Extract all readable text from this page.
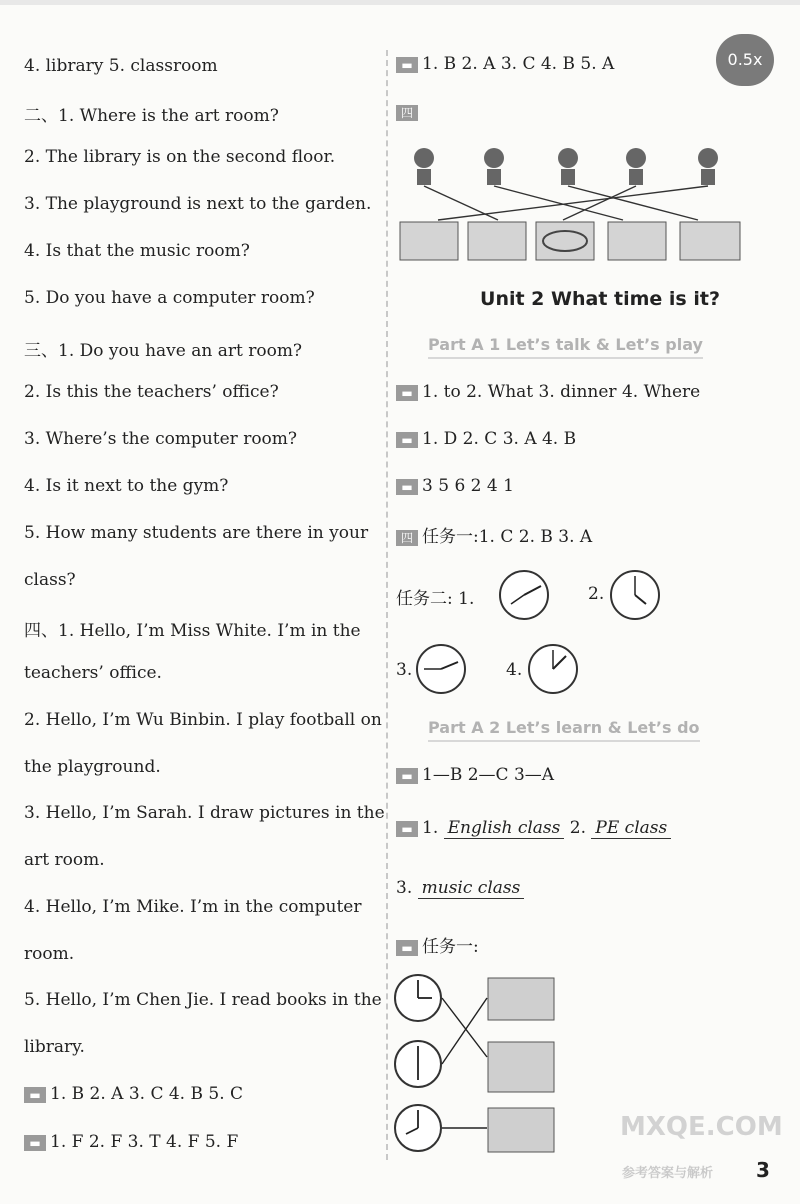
4. library 5. classroom
二、1. Where is the art room?
2. The library is on the second floor.
3. The playground is next to the garden.
4. Is that the music room?
5. Do you have a computer room?
三、1. Do you have an art room?
2. Is this the teachers’ office?
3. Where’s the computer room?
4. Is it next to the gym?
5. How many students are there in your
class?
四、1. Hello, I’m Miss White. I’m in the
teachers’ office.
2. Hello, I’m Wu Binbin. I play football on
the playground.
3. Hello, I’m Sarah. I draw pictures in the
art room.
4. Hello, I’m Mike. I’m in the computer
room.
5. Hello, I’m Chen Jie. I read books in the
library.
▬ 1. B 2. A 3. C 4. B 5. C
▬ 1. F 2. F 3. T 4. F 5. F
▬ 1. B 2. A 3. C 4. B 5. A
四
Unit 2 What time is it?
Part A 1 Let’s talk & Let’s play
▬ 1. to 2. What 3. dinner 4. Where
▬ 1. D 2. C 3. A 4. B
▬ 3 5 6 2 4 1
四 任务一:1. C 2. B 3. A
任务二: 1.	2.
3.	4.
Part A 2 Let’s learn & Let’s do
▬ 1—B 2—C 3—A
▬ 1. English class 2. PE class
3. music class
▬ 任务一:
0.5x
MXQE.COM
参考答案与解析 3
